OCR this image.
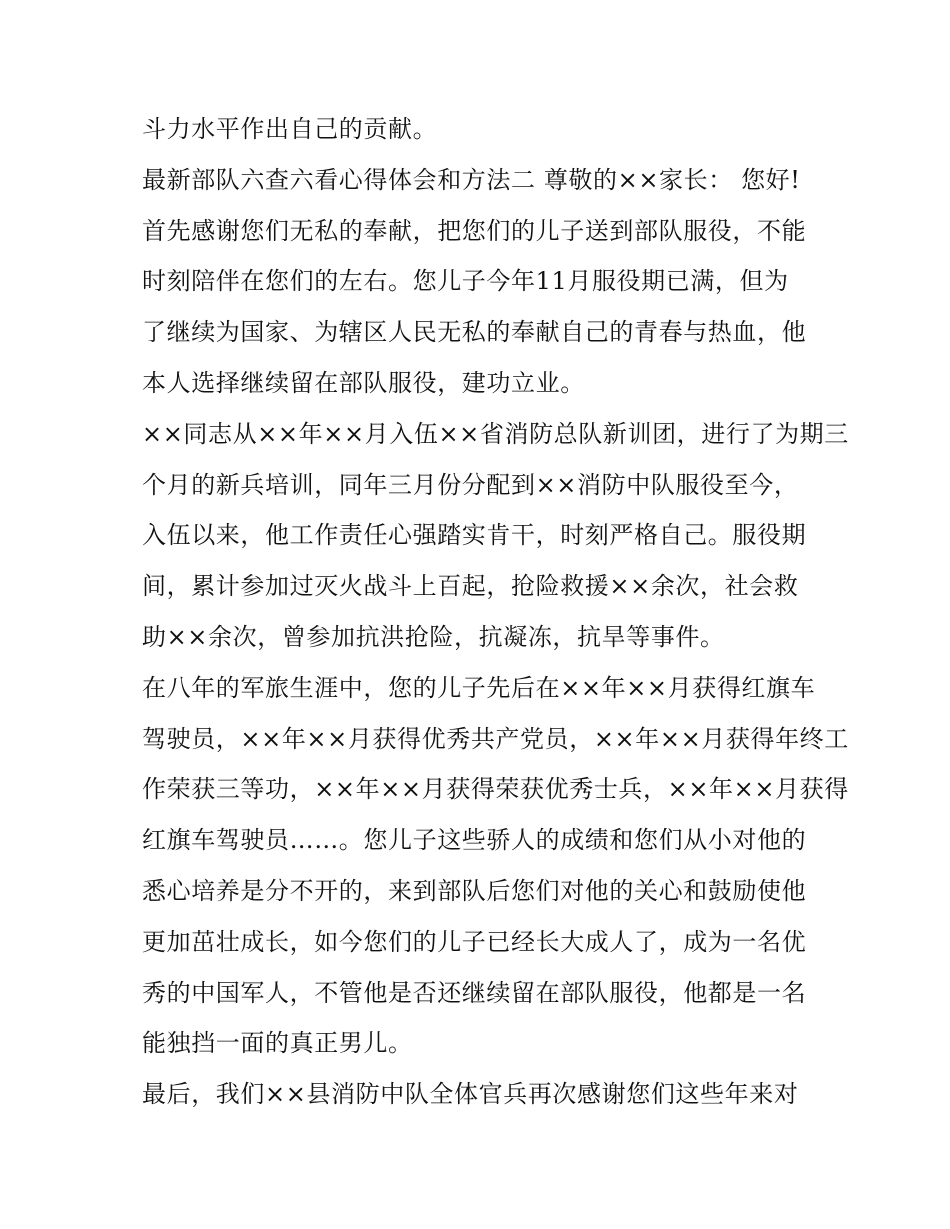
斗力水平作出自己的贡献。
最新部队六查六看心得体会和方法二 尊敬的××家长： 您好!
首先感谢您们无私的奉献，把您们的儿子送到部队服役，不能
时刻陪伴在您们的左右。您儿子今年11月服役期已满，但为
了继续为国家、为辖区人民无私的奉献自己的青春与热血，他
本人选择继续留在部队服役，建功立业。
××同志从××年××月入伍××省消防总队新训团，进行了为期三
个月的新兵培训，同年三月份分配到××消防中队服役至今，
入伍以来，他工作责任心强踏实肯干，时刻严格自己。服役期
间，累计参加过灭火战斗上百起，抢险救援××余次，社会救
助××余次，曾参加抗洪抢险，抗凝冻，抗旱等事件。
在八年的军旅生涯中，您的儿子先后在××年××月获得红旗车
驾驶员，××年××月获得优秀共产党员，××年××月获得年终工
作荣获三等功，××年××月获得荣获优秀士兵，××年××月获得
红旗车驾驶员……。您儿子这些骄人的成绩和您们从小对他的
悉心培养是分不开的，来到部队后您们对他的关心和鼓励使他
更加茁壮成长，如今您们的儿子已经长大成人了，成为一名优
秀的中国军人，不管他是否还继续留在部队服役，他都是一名
能独挡一面的真正男儿。
最后，我们××县消防中队全体官兵再次感谢您们这些年来对
